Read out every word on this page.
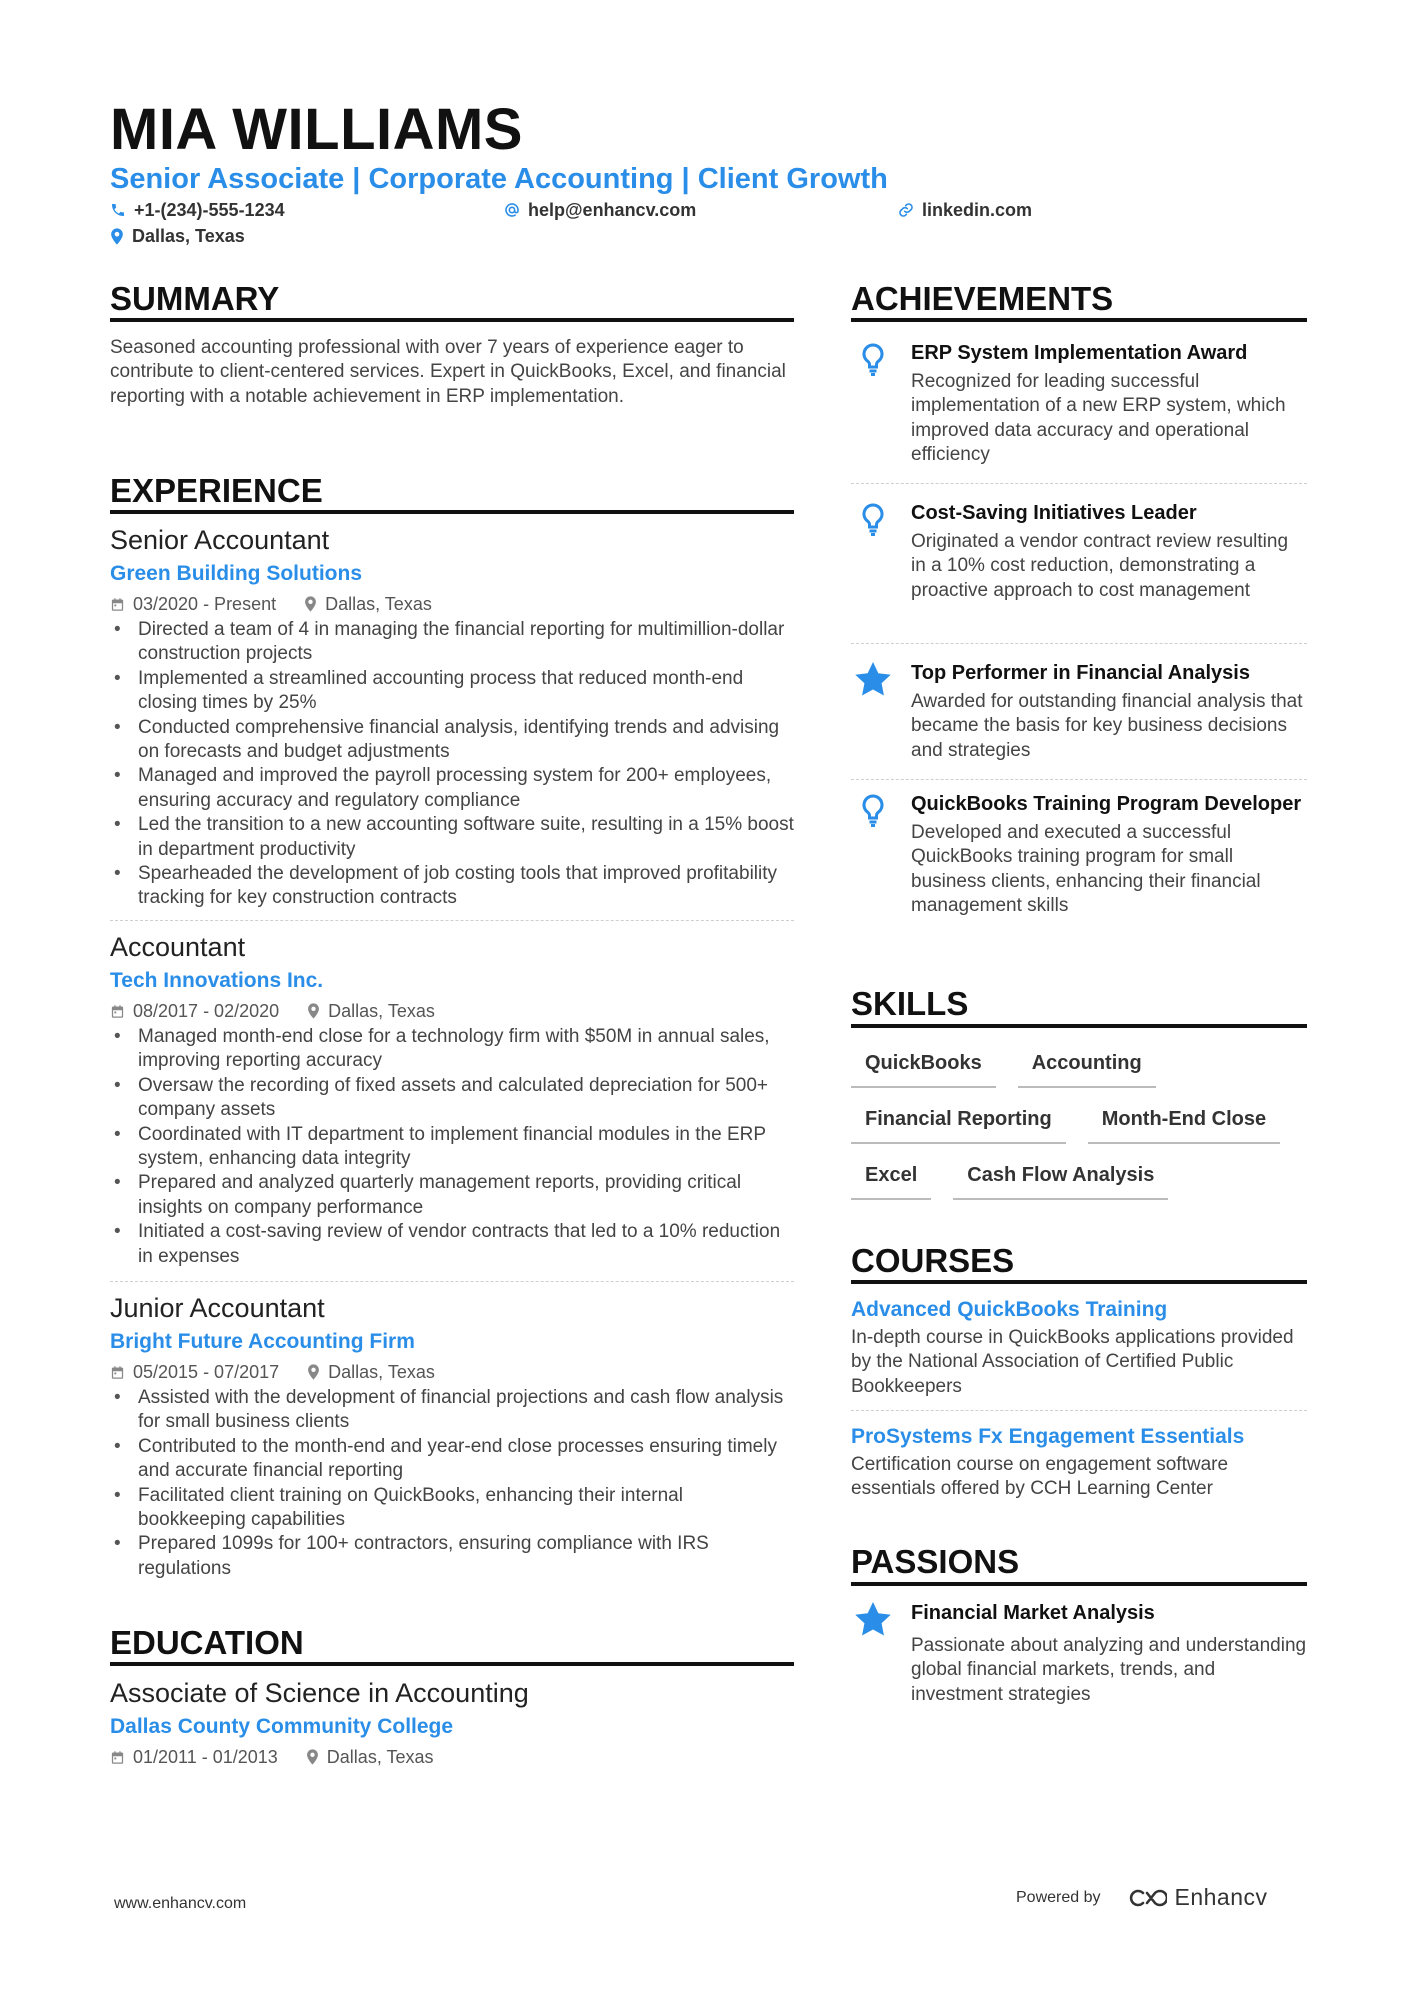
MIA WILLIAMS
Senior Associate | Corporate Accounting | Client Growth
+1-(234)-555-1234	help@enhancv.com	linkedin.com
Dallas, Texas
SUMMARY

Seasoned accounting professional with over 7 years of experience eager to contribute to client-centered services. Expert in QuickBooks, Excel, and financial reporting with a notable achievement in ERP implementation.

EXPERIENCE

Senior Accountant

Green Building Solutions

03/2020 - Present	Dallas, Texas
• Directed a team of 4 in managing the financial reporting for multimillion-dollar construction projects
• Implemented a streamlined accounting process that reduced month-end closing times by 25%
• Conducted comprehensive financial analysis, identifying trends and advising on forecasts and budget adjustments
• Managed and improved the payroll processing system for 200+ employees, ensuring accuracy and regulatory compliance
• Led the transition to a new accounting software suite, resulting in a 15% boost in department productivity
• Spearheaded the development of job costing tools that improved profitability tracking for key construction contracts

Accountant

Tech Innovations Inc.

08/2017 - 02/2020	Dallas, Texas
• Managed month-end close for a technology firm with $50M in annual sales, improving reporting accuracy
• Oversaw the recording of fixed assets and calculated depreciation for 500+ company assets
• Coordinated with IT department to implement financial modules in the ERP system, enhancing data integrity
• Prepared and analyzed quarterly management reports, providing critical insights on company performance
• Initiated a cost-saving review of vendor contracts that led to a 10% reduction in expenses

Junior Accountant

Bright Future Accounting Firm

05/2015 - 07/2017	Dallas, Texas
• Assisted with the development of financial projections and cash flow analysis for small business clients
• Contributed to the month-end and year-end close processes ensuring timely and accurate financial reporting
• Facilitated client training on QuickBooks, enhancing their internal bookkeeping capabilities
• Prepared 1099s for 100+ contractors, ensuring compliance with IRS regulations
EDUCATION

Associate of Science in Accounting

Dallas County Community College

01/2011 - 01/2013	Dallas, Texas
ACHIEVEMENTS

ERP System Implementation Award

Recognized for leading successful implementation of a new ERP system, which improved data accuracy and operational efficiency

Cost-Saving Initiatives Leader

Originated a vendor contract review resulting in a 10% cost reduction, demonstrating a proactive approach to cost management

Top Performer in Financial Analysis

Awarded for outstanding financial analysis that became the basis for key business decisions and strategies

QuickBooks Training Program Developer

Developed and executed a successful QuickBooks training program for small business clients, enhancing their financial management skills

SKILLS
QuickBooks	Accounting
Financial Reporting	Month-End Close
Excel	Cash Flow Analysis
COURSES

Advanced QuickBooks Training

In-depth course in QuickBooks applications provided by the National Association of Certified Public Bookkeepers

ProSystems Fx Engagement Essentials

Certification course on engagement software essentials offered by CCH Learning Center

PASSIONS

Financial Market Analysis

Passionate about analyzing and understanding global financial markets, trends, and investment strategies

www.enhancv.com	Powered by	Enhancv
